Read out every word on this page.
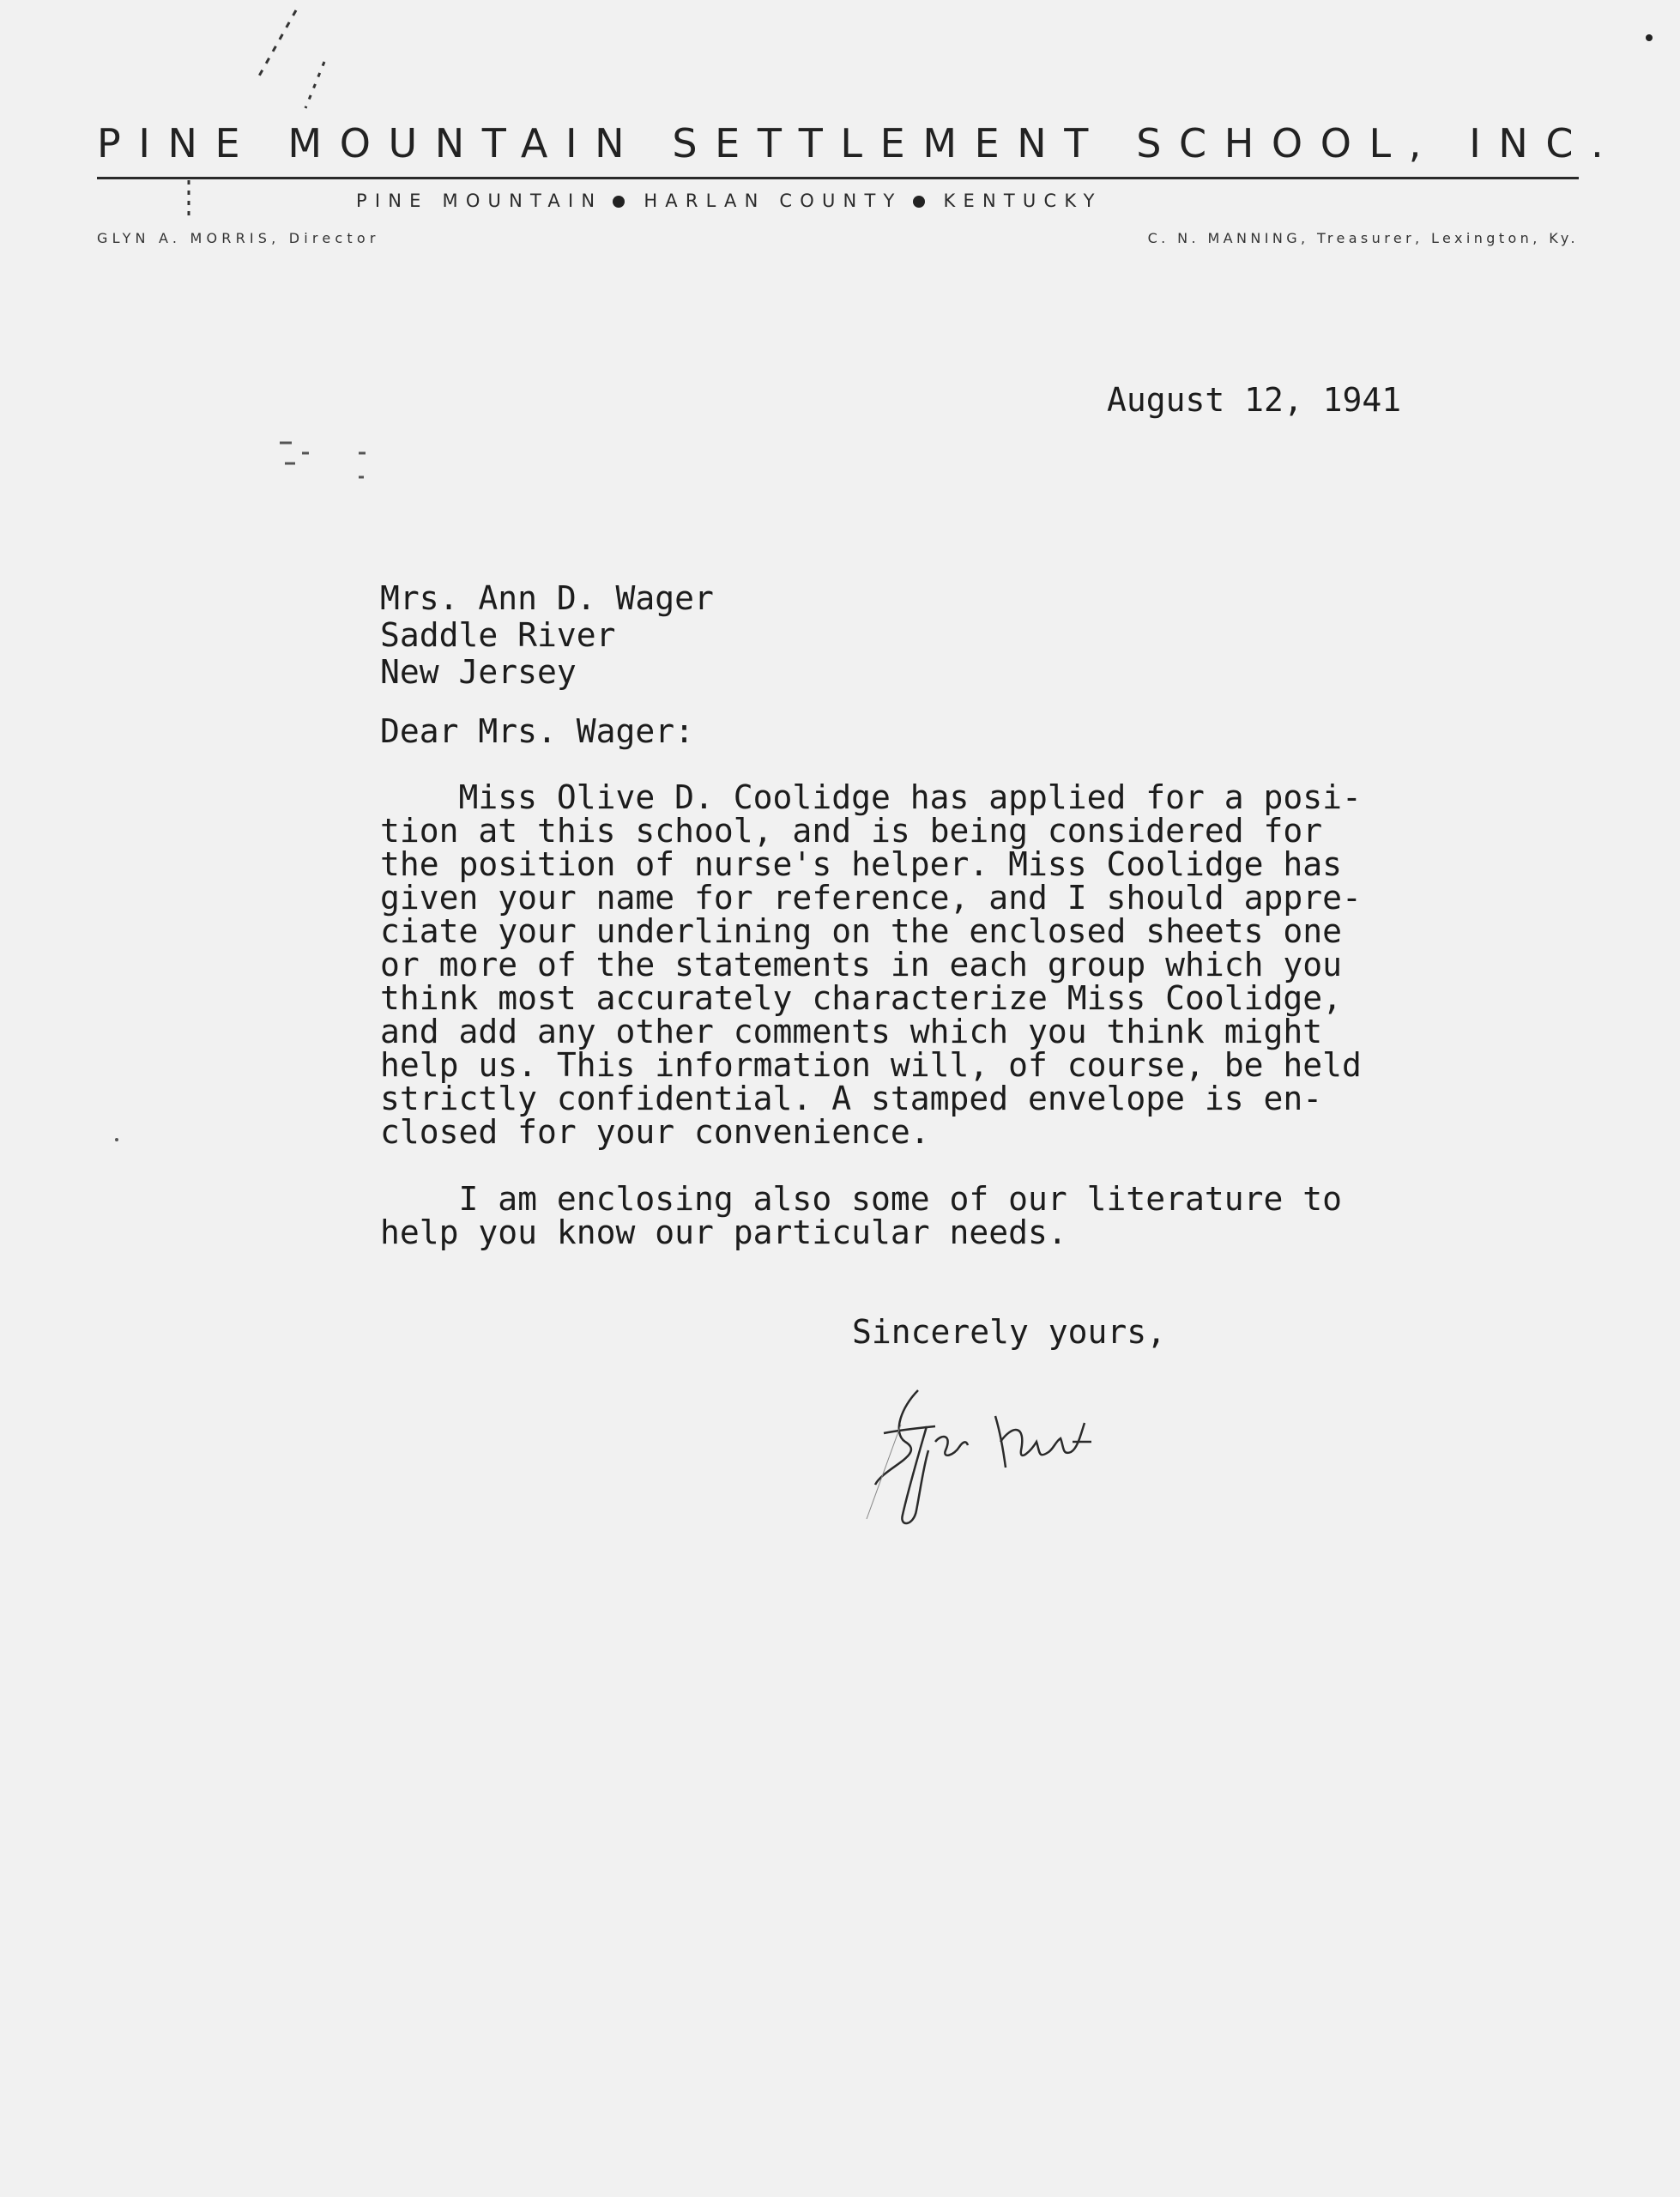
PINE MOUNTAIN SETTLEMENT SCHOOL, INC.
PINE MOUNTAIN HARLAN COUNTY KENTUCKY
GLYN A. MORRIS, Director	C. N. MANNING, Treasurer, Lexington, Ky.
August 12, 1941
Mrs. Ann D. Wager
Saddle River
New Jersey
Dear Mrs. Wager:
Miss Olive D. Coolidge has applied for a posi-
tion at this school, and is being considered for
the position of nurse's helper. Miss Coolidge has
given your name for reference, and I should appre-
ciate your underlining on the enclosed sheets one
or more of the statements in each group which you
think most accurately characterize Miss Coolidge,
and add any other comments which you think might
help us. This information will, of course, be held
strictly confidential. A stamped envelope is en-
closed for your convenience.
I am enclosing also some of our literature to
help you know our particular needs.
Sincerely yours,
